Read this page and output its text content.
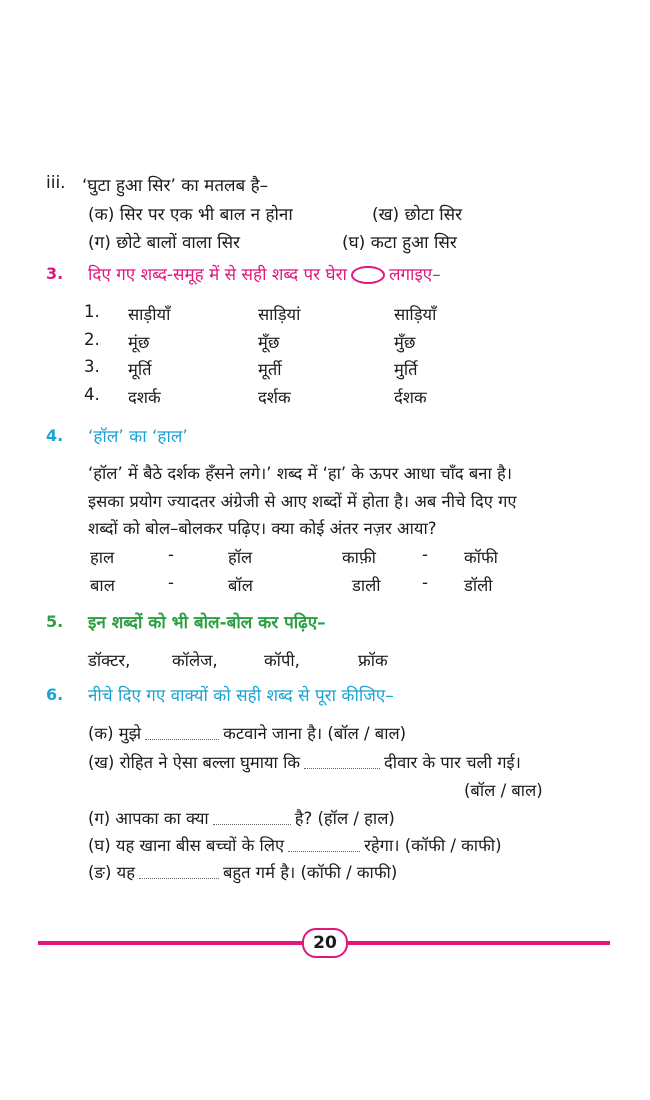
iii. ‘घुटा हुआ सिर’ का मतलब है–
(क) सिर पर एक भी बाल न होना	(ख) छोटा सिर
(ग) छोटे बालों वाला सिर	(घ) कटा हुआ सिर
3. दिए गए शब्द-समूह में से सही शब्द पर घेरा लगाइए–
1. साड़ीयाँ	साड़ियां	साड़ियाँ
2. मूंछ	मूँछ	मुँछ
3. मूर्ति	मूर्ती	मुर्ति
4. दशर्क	दर्शक	र्दशक
4. ‘हॉल’ का ‘हाल’
‘हॉल’ में बैठे दर्शक हँसने लगे।’ शब्द में ‘हा’ के ऊपर आधा चाँद बना है।
इसका प्रयोग ज्यादतर अंग्रेजी से आए शब्दों में होता है। अब नीचे दिए गए
शब्दों को बोल–बोलकर पढ़िए। क्या कोई अंतर नज़र आया?
हाल	-	हॉल	काफ़ी	- कॉफी
बाल	-	बॉल	डाली	- डॉली
5. इन शब्दों को भी बोल-बोल कर पढ़िए–
डॉक्टर,	कॉलेज,	कॉपी,	फ्रॉक
6. नीचे दिए गए वाक्यों को सही शब्द से पूरा कीजिए–
(क) मुझे	कटवाने जाना है। (बॉल / बाल)
(ख) रोहित ने ऐसा बल्ला घुमाया कि	दीवार के पार चली गई।
(बॉल / बाल)
(ग) आपका का क्या	है? (हॉल / हाल)
(घ) यह खाना बीस बच्चों के लिए	रहेगा। (कॉफी / काफी)
(ङ) यह	बहुत गर्म है। (कॉफी / काफी)
20
